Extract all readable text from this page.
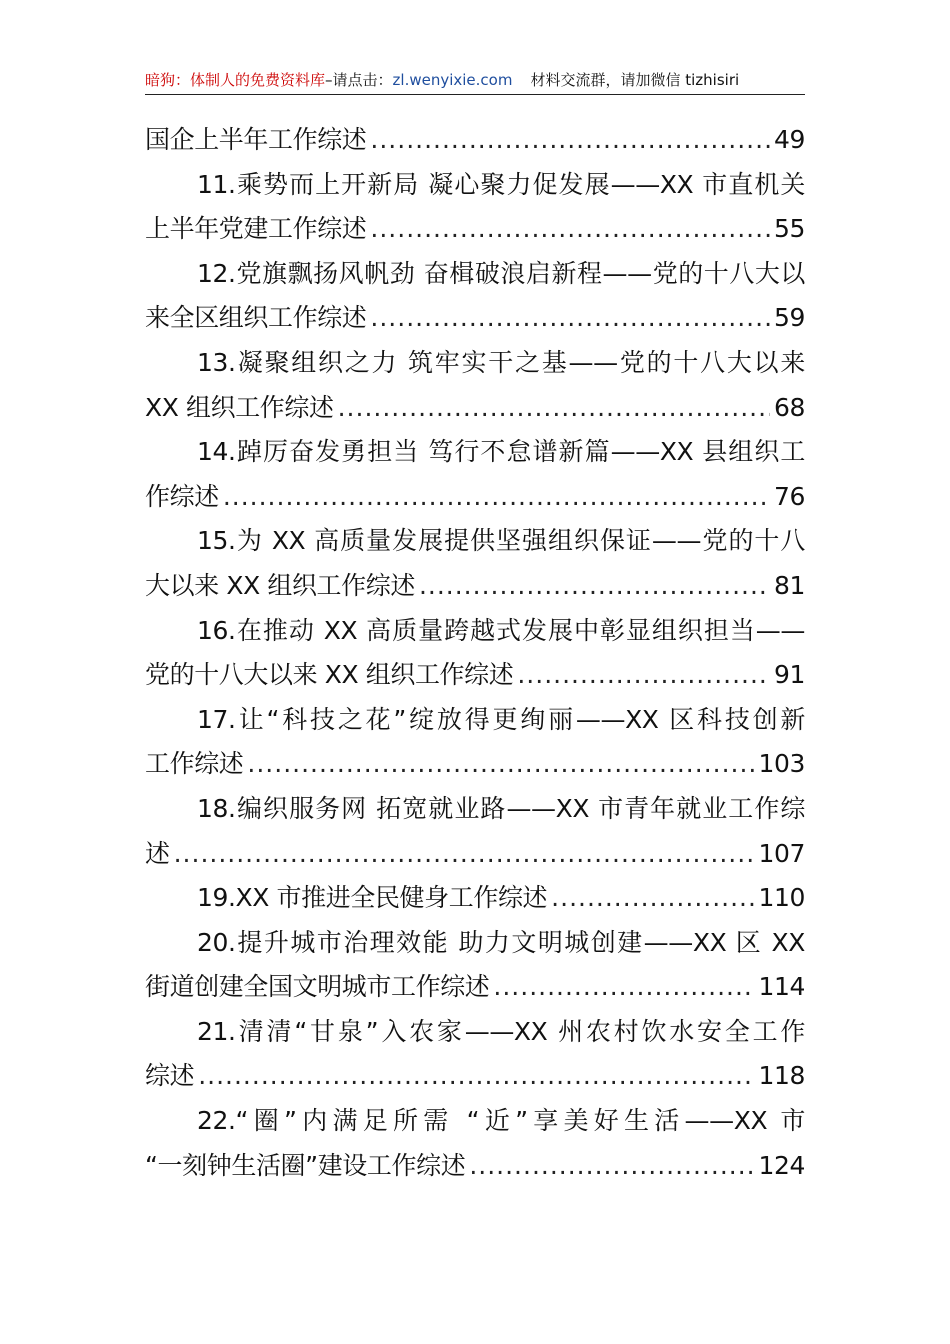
暗狗：体制人的免费资料库–请点击：zl.wenyixie.com 材料交流群，请加微信 tizhisiri
国企上半年工作综述 .....	49
11.乘势而上开新局 凝心聚力促发展——XX 市直机关
上半年党建工作综述 .....	55
12.党旗飘扬风帆劲 奋楫破浪启新程——党的十八大以
来全区组织工作综述 .....	59
13.凝聚组织之力 筑牢实干之基——党的十八大以来
XX 组织工作综述 .....	68
14.踔厉奋发勇担当 笃行不怠谱新篇——XX 县组织工
作综述 .....	76
15.为 XX 高质量发展提供坚强组织保证——党的十八
大以来 XX 组织工作综述 .....	81
16.在推动 XX 高质量跨越式发展中彰显组织担当——
党的十八大以来 XX 组织工作综述 .....	91
17.让“科技之花”绽放得更绚丽——XX 区科技创新
工作综述 .....	103
18.编织服务网 拓宽就业路——XX 市青年就业工作综
述 .....	107
19.XX 市推进全民健身工作综述 .....	110
20.提升城市治理效能 助力文明城创建——XX 区 XX
街道创建全国文明城市工作综述 .....	114
21.清清“甘泉”入农家——XX 州农村饮水安全工作
综述 .....	118
22.“圈”内满足所需 “近”享美好生活——XX 市
“一刻钟生活圈”建设工作综述 .....	124
